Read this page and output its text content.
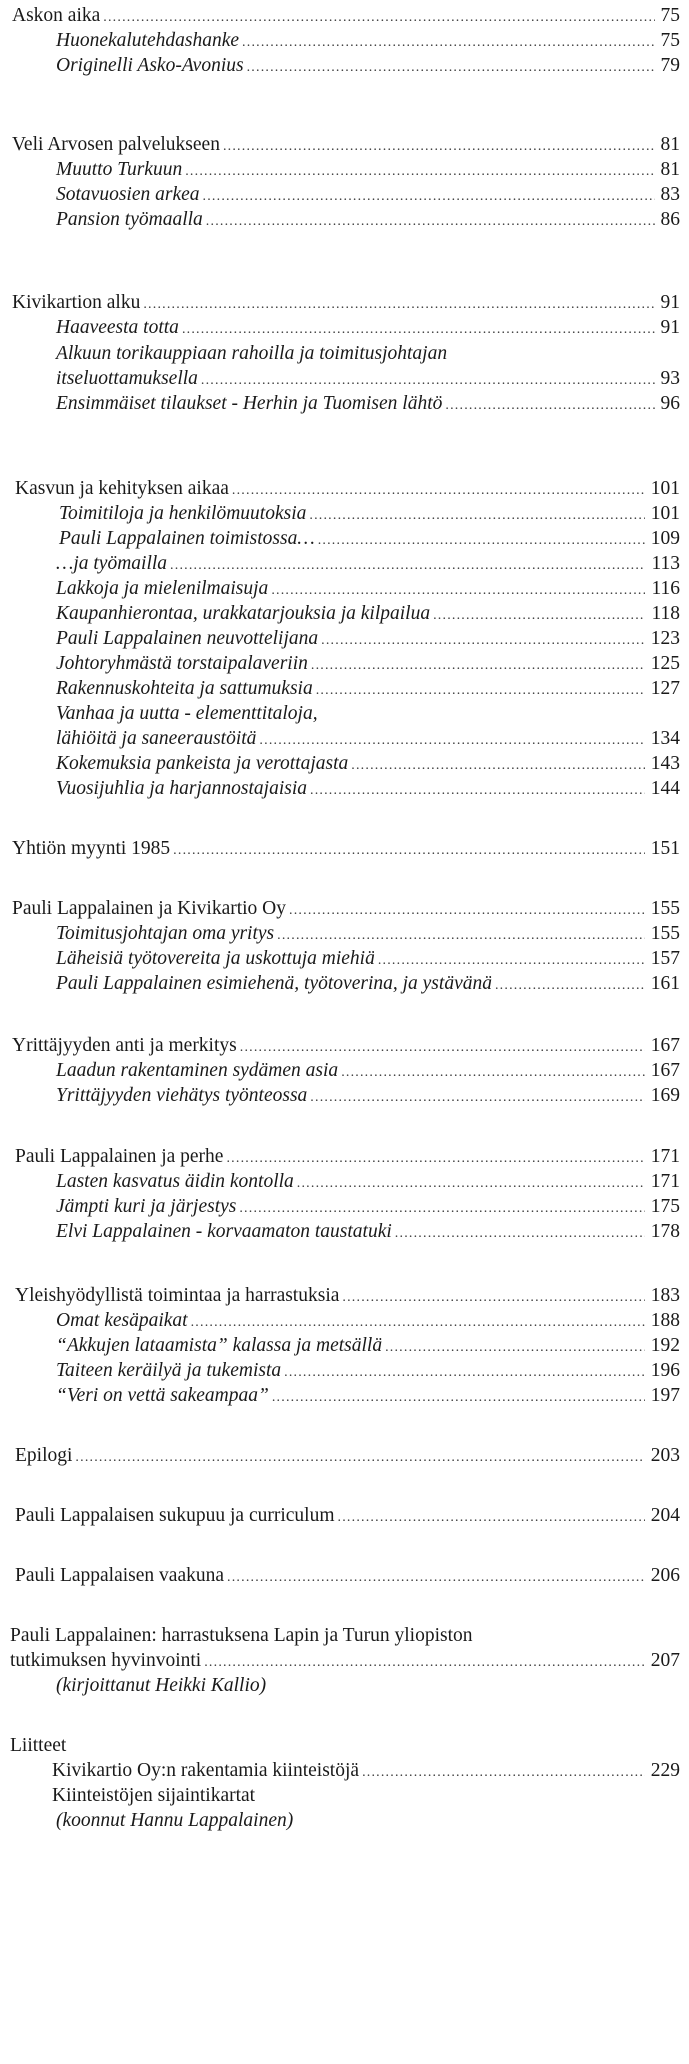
Askon aika .....	75
Huonekalutehdashanke .....	75
Originelli Asko-Avonius .....	79
Veli Arvosen palvelukseen .....	81
Muutto Turkuun .....	81
Sotavuosien arkea .....	83
Pansion työmaalla .....	86
Kivikartion alku .....	91
Haaveesta totta .....	91
Alkuun torikauppiaan rahoilla ja toimitusjohtajan
itseluottamuksella .....	93
Ensimmäiset tilaukset - Herhin ja Tuomisen lähtö .....	96
Kasvun ja kehityksen aikaa .....	101
Toimitiloja ja henkilömuutoksia .....	101
Pauli Lappalainen toimistossa… .....	109
…ja työmailla .....	113
Lakkoja ja mielenilmaisuja .....	116
Kaupanhierontaa, urakkatarjouksia ja kilpailua .....	118
Pauli Lappalainen neuvottelijana .....	123
Johtoryhmästä torstaipalaveriin .....	125
Rakennuskohteita ja sattumuksia .....	127
Vanhaa ja uutta - elementtitaloja,
lähiöitä ja saneeraustöitä .....	134
Kokemuksia pankeista ja verottajasta .....	143
Vuosijuhlia ja harjannostajaisia .....	144
Yhtiön myynti 1985 .....	151
Pauli Lappalainen ja Kivikartio Oy .....	155
Toimitusjohtajan oma yritys .....	155
Läheisiä työtovereita ja uskottuja miehiä .....	157
Pauli Lappalainen esimiehenä, työtoverina, ja ystävänä .....	161
Yrittäjyyden anti ja merkitys .....	167
Laadun rakentaminen sydämen asia .....	167
Yrittäjyyden viehätys työnteossa .....	169
Pauli Lappalainen ja perhe .....	171
Lasten kasvatus äidin kontolla .....	171
Jämpti kuri ja järjestys .....	175
Elvi Lappalainen - korvaamaton taustatuki .....	178
Yleishyödyllistä toimintaa ja harrastuksia .....	183
Omat kesäpaikat .....	188
“Akkujen lataamista” kalassa ja metsällä .....	192
Taiteen keräilyä ja tukemista .....	196
“Veri on vettä sakeampaa” .....	197
Epilogi .....	203
Pauli Lappalaisen sukupuu ja curriculum .....	204
Pauli Lappalaisen vaakuna .....	206
Pauli Lappalainen: harrastuksena Lapin ja Turun yliopiston
tutkimuksen hyvinvointi .....	207
(kirjoittanut Heikki Kallio)
Liitteet
Kivikartio Oy:n rakentamia kiinteistöjä .....	229
Kiinteistöjen sijaintikartat
(koonnut Hannu Lappalainen)
